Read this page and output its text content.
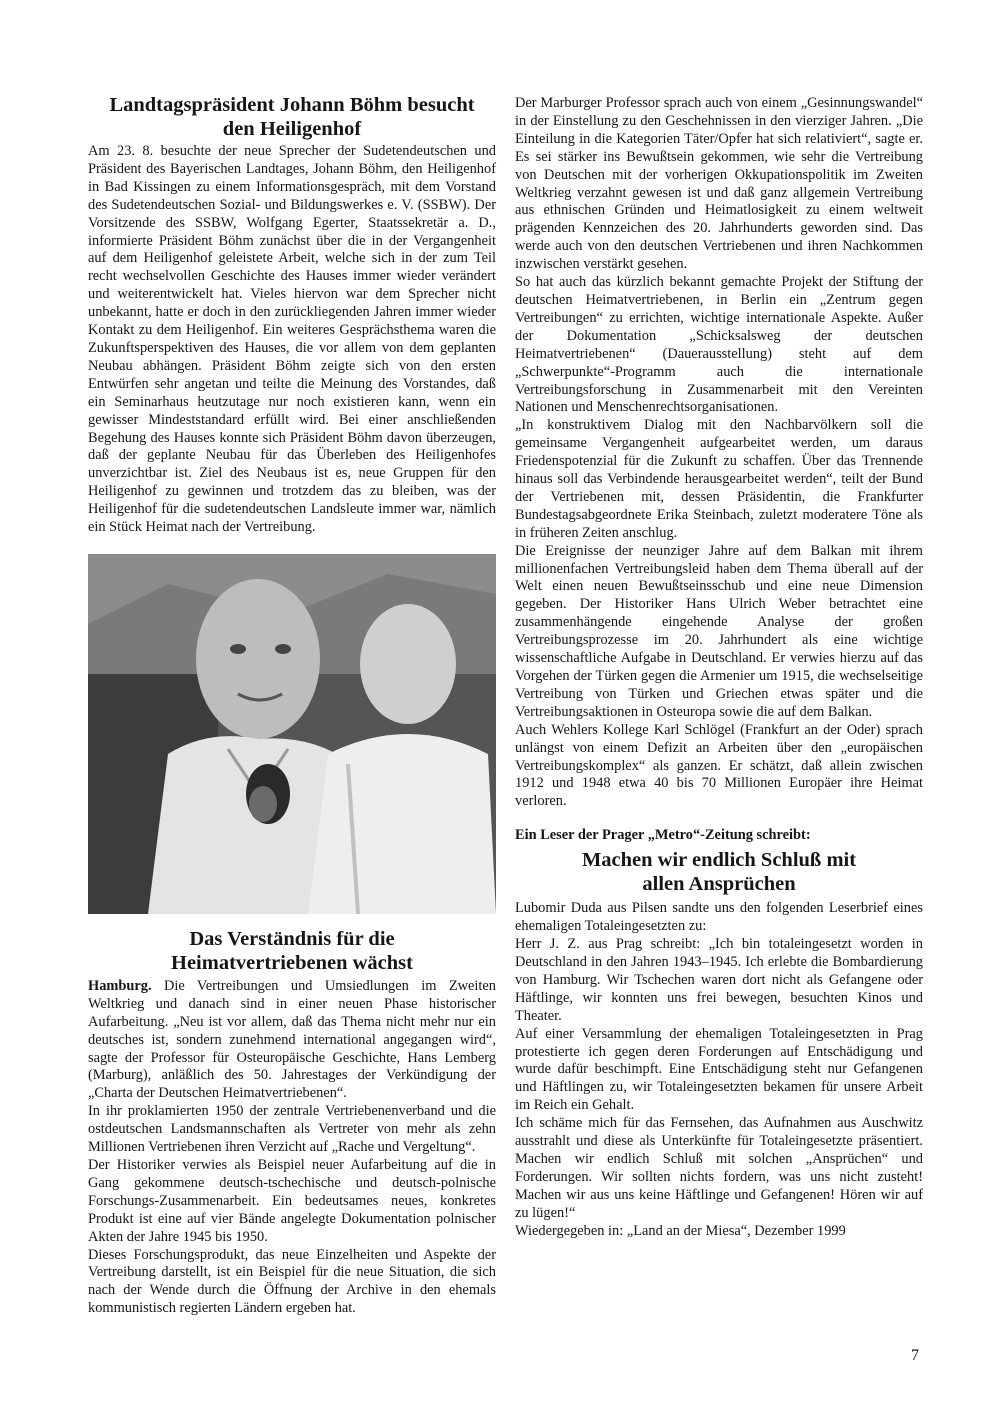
Landtagspräsident Johann Böhm besucht
den Heiligenhof

Am 23. 8. besuchte der neue Sprecher der Sudetendeutschen und Präsident des Bayerischen Landtages, Johann Böhm, den Heiligenhof in Bad Kissingen zu einem Informationsgespräch, mit dem Vorstand des Sudetendeutschen Sozial- und Bildungswerkes e. V. (SSBW). Der Vorsitzende des SSBW, Wolfgang Egerter, Staatssekretär a. D., informierte Präsident Böhm zunächst über die in der Vergangenheit auf dem Heiligenhof geleistete Arbeit, welche sich in der zum Teil recht wechselvollen Geschichte des Hauses immer wieder verändert und weiterentwickelt hat. Vieles hiervon war dem Sprecher nicht unbekannt, hatte er doch in den zurückliegenden Jahren immer wieder Kontakt zu dem Heiligenhof. Ein weiteres Gesprächsthema waren die Zukunftsperspektiven des Hauses, die vor allem von dem geplanten Neubau abhängen. Präsident Böhm zeigte sich von den ersten Entwürfen sehr angetan und teilte die Meinung des Vorstandes, daß ein Seminarhaus heutzutage nur noch existieren kann, wenn ein gewisser Mindeststandard erfüllt wird. Bei einer anschließenden Begehung des Hauses konnte sich Präsident Böhm davon überzeugen, daß der geplante Neubau für das Überleben des Heiligenhofes unverzichtbar ist. Ziel des Neubaus ist es, neue Gruppen für den Heiligenhof zu gewinnen und trotzdem das zu bleiben, was der Heiligenhof für die sudetendeutschen Landsleute immer war, nämlich ein Stück Heimat nach der Vertreibung.

Das Verständnis für die
Heimatvertriebenen wächst

Hamburg. Die Vertreibungen und Umsiedlungen im Zweiten Weltkrieg und danach sind in einer neuen Phase historischer Aufarbeitung. „Neu ist vor allem, daß das Thema nicht mehr nur ein deutsches ist, sondern zunehmend international angegangen wird“, sagte der Professor für Osteuropäische Geschichte, Hans Lemberg (Marburg), anläßlich des 50. Jahrestages der Verkündigung der „Charta der Deutschen Heimatvertriebenen“.

In ihr proklamierten 1950 der zentrale Vertriebenenverband und die ostdeutschen Landsmannschaften als Vertreter von mehr als zehn Millionen Vertriebenen ihren Verzicht auf „Rache und Vergeltung“.

Der Historiker verwies als Beispiel neuer Aufarbeitung auf die in Gang gekommene deutsch-tschechische und deutsch-polnische Forschungs-Zusammenarbeit. Ein bedeutsames neues, konkretes Produkt ist eine auf vier Bände angelegte Dokumentation polnischer Akten der Jahre 1945 bis 1950.

Dieses Forschungsprodukt, das neue Einzelheiten und Aspekte der Vertreibung darstellt, ist ein Beispiel für die neue Situation, die sich nach der Wende durch die Öffnung der Archive in den ehemals kommunistisch regierten Ländern ergeben hat.

Der Marburger Professor sprach auch von einem „Gesinnungswandel“ in der Einstellung zu den Geschehnissen in den vierziger Jahren. „Die Einteilung in die Kategorien Täter/Opfer hat sich relativiert“, sagte er. Es sei stärker ins Bewußtsein gekommen, wie sehr die Vertreibung von Deutschen mit der vorherigen Okkupationspolitik im Zweiten Weltkrieg verzahnt gewesen ist und daß ganz allgemein Vertreibung aus ethnischen Gründen und Heimatlosigkeit zu einem weltweit prägenden Kennzeichen des 20. Jahrhunderts geworden sind. Das werde auch von den deutschen Vertriebenen und ihren Nachkommen inzwischen verstärkt gesehen.

So hat auch das kürzlich bekannt gemachte Projekt der Stiftung der deutschen Heimatvertriebenen, in Berlin ein „Zentrum gegen Vertreibungen“ zu errichten, wichtige internationale Aspekte. Außer der Dokumentation „Schicksalsweg der deutschen Heimatvertriebenen“ (Dauerausstellung) steht auf dem „Schwerpunkte“-Programm auch die internationale Vertreibungsforschung in Zusammenarbeit mit den Vereinten Nationen und Menschenrechtsorganisationen.

„In konstruktivem Dialog mit den Nachbarvölkern soll die gemeinsame Vergangenheit aufgearbeitet werden, um daraus Friedenspotenzial für die Zukunft zu schaffen. Über das Trennende hinaus soll das Verbindende herausgearbeitet werden“, teilt der Bund der Vertriebenen mit, dessen Präsidentin, die Frankfurter Bundestagsabgeordnete Erika Steinbach, zuletzt moderatere Töne als in früheren Zeiten anschlug.

Die Ereignisse der neunziger Jahre auf dem Balkan mit ihrem millionenfachen Vertreibungsleid haben dem Thema überall auf der Welt einen neuen Bewußtseinsschub und eine neue Dimension gegeben. Der Historiker Hans Ulrich Weber betrachtet eine zusammenhängende eingehende Analyse der großen Vertreibungsprozesse im 20. Jahrhundert als eine wichtige wissenschaftliche Aufgabe in Deutschland. Er verwies hierzu auf das Vorgehen der Türken gegen die Armenier um 1915, die wechselseitige Vertreibung von Türken und Griechen etwas später und die Vertreibungsaktionen in Osteuropa sowie die auf dem Balkan.

Auch Wehlers Kollege Karl Schlögel (Frankfurt an der Oder) sprach unlängst von einem Defizit an Arbeiten über den „europäischen Vertreibungskomplex“ als ganzen. Er schätzt, daß allein zwischen 1912 und 1948 etwa 40 bis 70 Millionen Europäer ihre Heimat verloren.

Ein Leser der Prager „Metro“-Zeitung schreibt:
Machen wir endlich Schluß mit
allen Ansprüchen

Lubomir Duda aus Pilsen sandte uns den folgenden Leserbrief eines ehemaligen Totaleingesetzten zu:

Herr J. Z. aus Prag schreibt: „Ich bin totaleingesetzt worden in Deutschland in den Jahren 1943–1945. Ich erlebte die Bombardierung von Hamburg. Wir Tschechen waren dort nicht als Gefangene oder Häftlinge, wir konnten uns frei bewegen, besuchten Kinos und Theater.

Auf einer Versammlung der ehemaligen Totaleingesetzten in Prag protestierte ich gegen deren Forderungen auf Entschädigung und wurde dafür beschimpft. Eine Entschädigung steht nur Gefangenen und Häftlingen zu, wir Totaleingesetzten bekamen für unsere Arbeit im Reich ein Gehalt.

Ich schäme mich für das Fernsehen, das Aufnahmen aus Auschwitz ausstrahlt und diese als Unterkünfte für Totaleingesetzte präsentiert. Machen wir endlich Schluß mit solchen „Ansprüchen“ und Forderungen. Wir sollten nichts fordern, was uns nicht zusteht! Machen wir aus uns keine Häftlinge und Gefangenen! Hören wir auf zu lügen!“

Wiedergegeben in: „Land an der Miesa“, Dezember 1999

7
